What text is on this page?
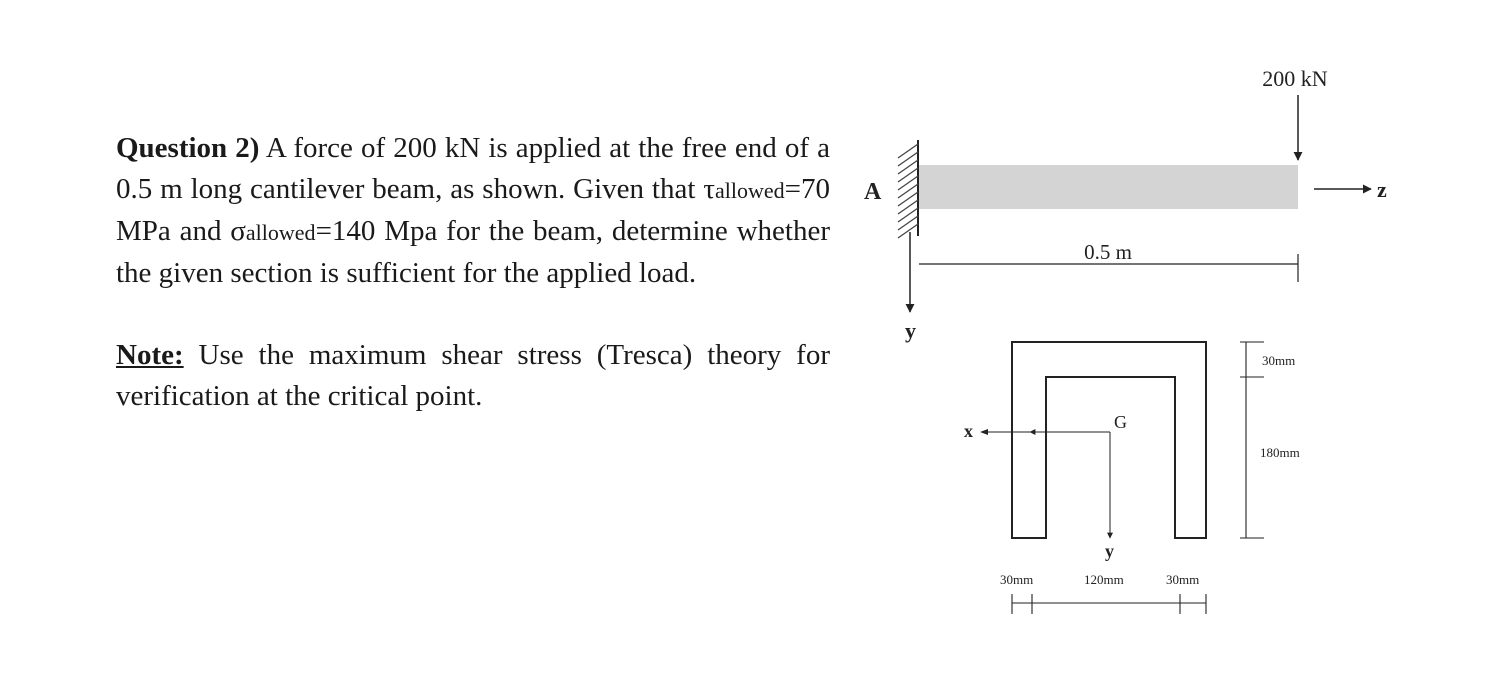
Question 2) A force of 200 kN is applied at the free end of a 0.5 m long cantilever beam, as shown. Given that τallowed=70 MPa and σallowed=140 Mpa for the beam, determine whether the given section is sufficient for the applied load.

Note: Use the maximum shear stress (Tresca) theory for verification at the critical point.

A
200 kN
z
y
0.5 m
x
y
G
30mm
180mm
30mm	120mm	30mm
